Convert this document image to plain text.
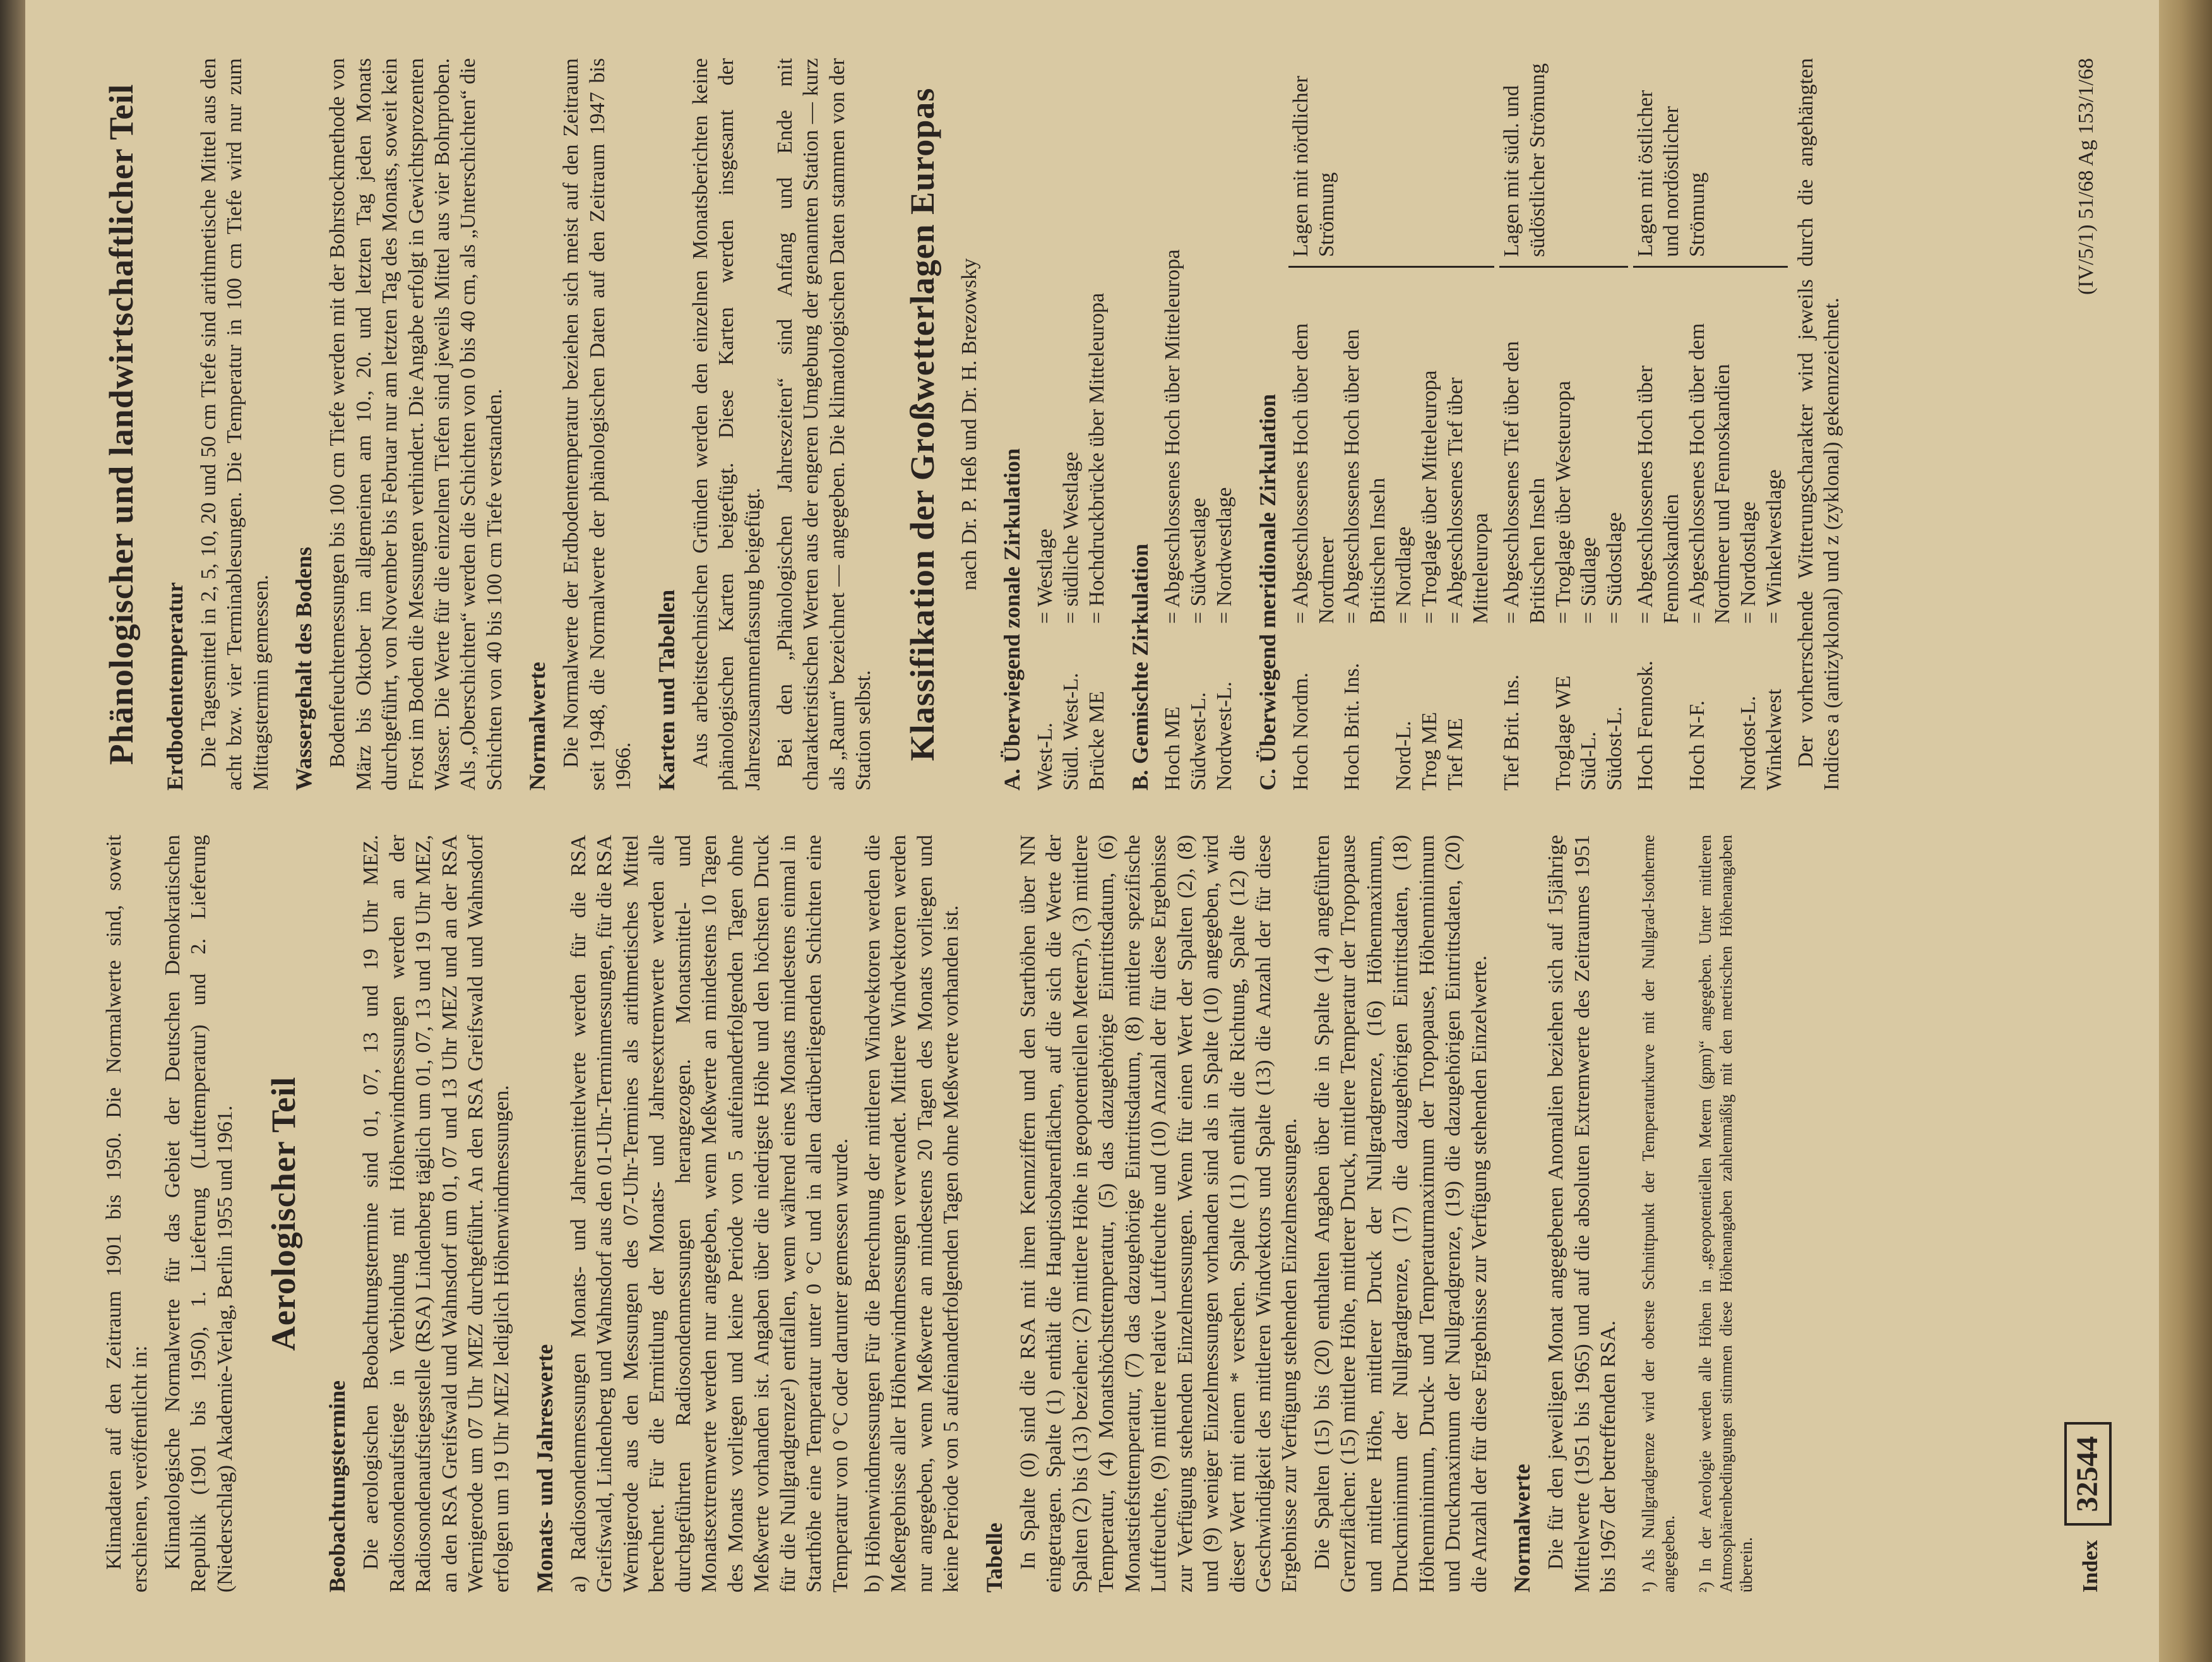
Klimadaten auf den Zeitraum 1901 bis 1950. Die Normalwerte sind, soweit erschienen, veröffentlicht in: Klimatologische Normalwerte für das Gebiet der Deutschen Demokratischen Republik (1901 bis 1950), 1. Lieferung (Lufttemperatur) und 2. Lieferung (Niederschlag) Akademie-Verlag, Berlin 1955 und 1961. Aerologischer Teil
Beobachtungstermine Die aerologischen Beobachtungstermine sind 01, 07, 13 und 19 Uhr MEZ. Radiosondenaufstiege in Verbindung mit Höhenwindmessungen werden an der Radiosondenaufstiegsstelle (RSA) Lindenberg täglich um 01, 07, 13 und 19 Uhr MEZ, an den RSA Greifswald und Wahnsdorf um 01, 07 und 13 Uhr MEZ und an der RSA Wernigerode um 07 Uhr MEZ durchgeführt. An den RSA Greifswald und Wahnsdorf erfolgen um 19 Uhr MEZ lediglich Höhenwindmessungen. Monats- und Jahreswerte a) Radiosondenmessungen Monats- und Jahresmittelwerte werden für die RSA Greifswald, Lindenberg und Wahnsdorf aus den 01-Uhr-Terminmessungen, für die RSA Wernigerode aus den Messungen des 07-Uhr-Termines als arithmetisches Mittel berechnet. Für die Ermittlung der Monats- und Jahresextremwerte werden alle durchgeführten Radiosondenmessungen herangezogen. Monatsmittel- und Monatsextremwerte werden nur angegeben, wenn Meßwerte an mindestens 10 Tagen des Monats vorliegen und keine Periode von 5 aufeinanderfolgenden Tagen ohne Meßwerte vorhanden ist. Angaben über die niedrigste Höhe und den höchsten Druck für die Nullgradgrenze¹) entfallen, wenn während eines Monats mindestens einmal in Starthöhe eine Temperatur unter 0 °C und in allen darüberliegenden Schichten eine Temperatur von 0 °C oder darunter gemessen wurde. b) Höhenwindmessungen Für die Berechnung der mittleren Windvektoren werden die Meßergebnisse aller Höhenwindmessungen verwendet. Mittlere Windvektoren werden nur angegeben, wenn Meßwerte an mindestens 20 Tagen des Monats vorliegen und keine Periode von 5 aufeinanderfolgenden Tagen ohne Meßwerte vorhanden ist. Tabelle In Spalte (0) sind die RSA mit ihren Kennziffern und den Starthöhen über NN eingetragen. Spalte (1) enthält die Hauptisobarenflächen, auf die sich die Werte der Spalten (2) bis (13) beziehen: (2) mittlere Höhe in geopotentiellen Metern²), (3) mittlere Temperatur, (4) Monatshöchsttemperatur, (5) das dazugehörige Eintrittsdatum, (6) Monatstiefsttemperatur, (7) das dazugehörige Eintrittsdatum, (8) mittlere spezifische Luftfeuchte, (9) mittlere relative Luftfeuchte und (10) Anzahl der für diese Ergebnisse zur Verfügung stehenden Einzelmessungen. Wenn für einen Wert der Spalten (2), (8) und (9) weniger Einzelmessungen vorhanden sind als in Spalte (10) angegeben, wird dieser Wert mit einem * versehen. Spalte (11) enthält die Richtung, Spalte (12) die Geschwindigkeit des mittleren Windvektors und Spalte (13) die Anzahl der für diese Ergebnisse zur Verfügung stehenden Einzelmessungen. Die Spalten (15) bis (20) enthalten Angaben über die in Spalte (14) angeführten Grenzflächen: (15) mittlere Höhe, mittlerer Druck, mittlere Temperatur der Tropopause und mittlere Höhe, mittlerer Druck der Nullgradgrenze, (16) Höhenmaximum, Druckminimum der Nullgradgrenze, (17) die dazugehörigen Eintrittsdaten, (18) Höhenminimum, Druck- und Temperaturmaximum der Tropopause, Höhenminimum und Druckmaximum der Nullgradgrenze, (19) die dazugehörigen Eintrittsdaten, (20) die Anzahl der für diese Ergebnisse zur Verfügung stehenden Einzelwerte. Normalwerte Die für den jeweiligen Monat angegebenen Anomalien beziehen sich auf 15jährige Mittelwerte (1951 bis 1965) und auf die absoluten Extremwerte des Zeitraumes 1951 bis 1967 der betreffenden RSA. ¹) Als Nullgradgrenze wird der oberste Schnittpunkt der Temperaturkurve mit der Nullgrad-Isotherme angegeben. ²) In der Aerologie werden alle Höhen in „geopotentiellen Metern (gpm)“ angegeben. Unter mittleren Atmosphärenbedingungen stimmen diese Höhenangaben zahlenmäßig mit den metrischen Höhenangaben überein.

Phänologischer und landwirtschaftlicher Teil Erdbodentemperatur Die Tagesmittel in 2, 5, 10, 20 und 50 cm Tiefe sind arithmetische Mittel aus den acht bzw. vier Terminablesungen. Die Temperatur in 100 cm Tiefe wird nur zum Mittagstermin gemessen. Wassergehalt des Bodens Bodenfeuchtemessungen bis 100 cm Tiefe werden mit der Bohrstockmethode von März bis Oktober im allgemeinen am 10., 20. und letzten Tag jeden Monats durchgeführt, von November bis Februar nur am letzten Tag des Monats, soweit kein Frost im Boden die Messungen verhindert. Die Angabe erfolgt in Gewichtsprozenten Wasser. Die Werte für die einzelnen Tiefen sind jeweils Mittel aus vier Bohrproben. Als „Oberschichten“ werden die Schichten von 0 bis 40 cm, als „Unterschichten“ die Schichten von 40 bis 100 cm Tiefe verstanden. Normalwerte Die Normalwerte der Erdbodentemperatur beziehen sich meist auf den Zeitraum seit 1948, die Normalwerte der phänologischen Daten auf den Zeitraum 1947 bis 1966. Karten und Tabellen Aus arbeitstechnischen Gründen werden den einzelnen Monatsberichten keine phänologischen Karten beigefügt. Diese Karten werden insgesamt der Jahreszusammenfassung beigefügt. Bei den „Phänologischen Jahreszeiten“ sind Anfang und Ende mit charakteristischen Werten aus der engeren Umgebung der genannten Station — kurz als „Raum“ bezeichnet — angegeben. Die klimatologischen Daten stammen von der Station selbst. Klassifikation der Großwetterlagen Europas nach Dr. P. Heß und Dr. H. Brezowsky
A. Überwiegend zonale Zirkulation West-L.	= Westlage
Südl. West-L.	= südliche Westlage
Brücke ME	= Hochdruckbrücke über Mitteleuropa
B. Gemischte Zirkulation Hoch ME	= Abgeschlossenes Hoch über Mitteleuropa
Südwest-L.	= Südwestlage
Nordwest-L.	= Nordwestlage C. Überwiegend meridionale Zirkulation Hoch Nordm.	= Abgeschlossenes Hoch über dem Nordmeer	Lagen mit nördlicher Strömung
Hoch Brit. Ins.	= Abgeschlossenes Hoch über den Britischen Inseln	
Nord-L.	= Nordlage	
Trog ME	= Troglage über Mitteleuropa	
Tief ME	= Abgeschlossenes Tief über Mitteleuropa	
Tief Brit. Ins.	= Abgeschlossenes Tief über den Britischen Inseln	Lagen mit südl. und südöstlicher Strömung
Troglage WE	= Troglage über Westeuropa	
Süd-L.	= Südlage	
Südost-L.	= Südostlage	
Hoch Fennosk.	= Abgeschlossenes Hoch über Fennoskandien	Lagen mit östlicher und nordöstlicher Strömung
Hoch N-F.	= Abgeschlossenes Hoch über dem Nordmeer und Fennoskandien	
Nordost-L.	= Nordostlage	
Winkelwest	= Winkelwestlage	Der vorherrschende Witterungscharakter wird jeweils durch die angehängten Indices a (antizyklonal) und z (zyklonal) gekennzeichnet.

Index 32544
(IV/5/1) 51/68 Ag 153/1/68
